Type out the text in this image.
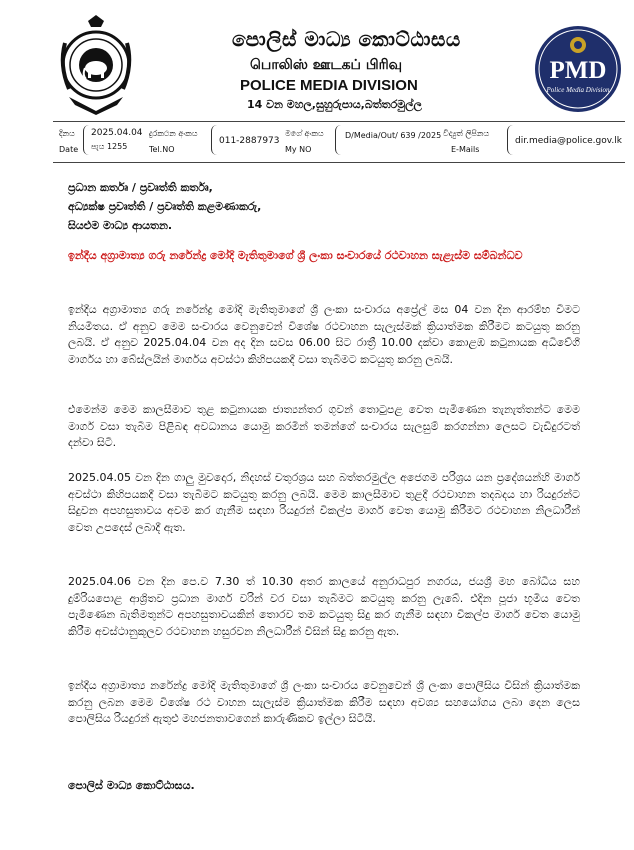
පොලිස් මාධ්‍ය කොට්ඨාසය
பொலிஸ் ஊடகப் பிரிவு
POLICE MEDIA DIVISION
14 වන මහල,සුහුරුපාය,බත්තරමුල්ල
PMD
Police Media Division
දිනය
Date
2025.04.04
පැය 1255
දුරකථන අංකය
Tel.NO
011-2887973
මගේ අංකය
My NO
D/Media/Out/ 639 /2025 විද්‍යුත් ලිපිනය
E-Mails
dir.media@police.gov.lk
ප්‍රධාන කර්තෘ / ප්‍රවෘත්ති කර්තෘ,
අධ්‍යක්ෂ ප්‍රවෘත්ති / ප්‍රවෘත්ති කළමණාකරු,
සියළුම මාධ්‍ය ආයතන.
ඉන්දීය අග්‍රාමාත්‍ය ගරු නරේන්ද්‍ර මෝදි මැතිතුමාගේ ශ්‍රී ලංකා සංචාරයේ රථවාහන සැළැස්ම සම්බන්ධව
ඉන්දීය අග්‍රාමාත්‍ය ගරු නරේන්ද්‍ර මෝදි මැතිතුමාගේ ශ්‍රී ලංකා සංචාරය අප්‍රේල් මස 04 වන දින ආරම්භ වීමට නියමිතය. ඒ අනුව මෙම සංචාරය වෙනුවෙන් විශේෂ රථවාහන සැලැස්මක් ක්‍රියාත්මක කිරීමට කටයුතු කරනු ලබයි. ඒ අනුව 2025.04.04 වන අද දින සවස 06.00 සිට රාත්‍රී 10.00 දක්වා කොළඹ කටුනායක අධිවේගී මාර්ගය හා බේස්ලයින් මාර්ගය අවස්ථා කිහිපයකදී වසා තැබීමට කටයුතු කරනු ලබයි.
එමෙන්ම මෙම කාලසීමාව තුළ කටුනායක ජාත්‍යන්තර ගුවන් තොටුපළ වෙත පැමිණෙන තැනැත්තන්ට මෙම මාර්ග වසා තැබීම පිළිබඳ අවධානය යොමු කරමින් තමන්ගේ සංචාරය සැලසුම් කරගන්නා ලෙසට වැඩිදුරටත් දන්වා සිටී.
2025.04.05 වන දින ගාලු මුවදොර, නිදහස් චතුරශ්‍රය සහ බත්තරමුල්ල අජෙගම පරිශ්‍රය යන ප්‍රදේශයන්හි මාර්ග අවස්ථා කිහිපයකදී වසා තැබීමට කටයුතු කරනු ලබයි. මෙම කාලසීමාව තුළදී රථවාහන තදබදය හා රියදුරන්ට සිදුවන අපහසුතාවය අවම කර ගැනීම සඳහා රියදුරන් විකල්ප මාර්ග වෙත යොමු කිරීමට රථවාහන නිලධාරීන් වෙත උපදෙස් ලබාදී ඇත.
2025.04.06 වන දින පෙ.ව 7.30 ත් 10.30 අතර කාලයේ අනුරාධපුර නගරය, ජයශ්‍රී මහ බෝධිය සහ දුම්රියපොළ ආශ්‍රිතව ප්‍රධාන මාර්ග වරින් වර වසා තැබීමට කටයුතු කරනු ලැබේ. එදින පූජා භූමිය වෙත පැමිණෙන බැතිමතුන්ට අපහසුතාවයකින් තොරව තම කටයුතු සිදු කර ගැනීම සඳහා විකල්ප මාර්ග වෙත යොමු කිරීම අවස්ථානුකූලව රථවාහන හසුරවන නිලධාරීන් විසින් සිදු කරනු ඇත.
ඉන්දීය අග්‍රාමාත්‍ය නරේන්ද්‍ර මෝදි මැතිතුමාගේ ශ්‍රී ලංකා සංචාරය වෙනුවෙන් ශ්‍රී ලංකා පොලීසිය විසින් ක්‍රියාත්මක කරනු ලබන මෙම විශේෂ රථ වාහන සැලැස්ම ක්‍රියාත්මක කිරීම සඳහා අවශ්‍ය සහයෝගය ලබා දෙන ලෙස පොලිසිය රියදුරන් ඇතුළු මහජනතාවගෙන් කාරුණිකව ඉල්ලා සිටියි.
පොලිස් මාධ්‍ය කොට්ඨාසය.
